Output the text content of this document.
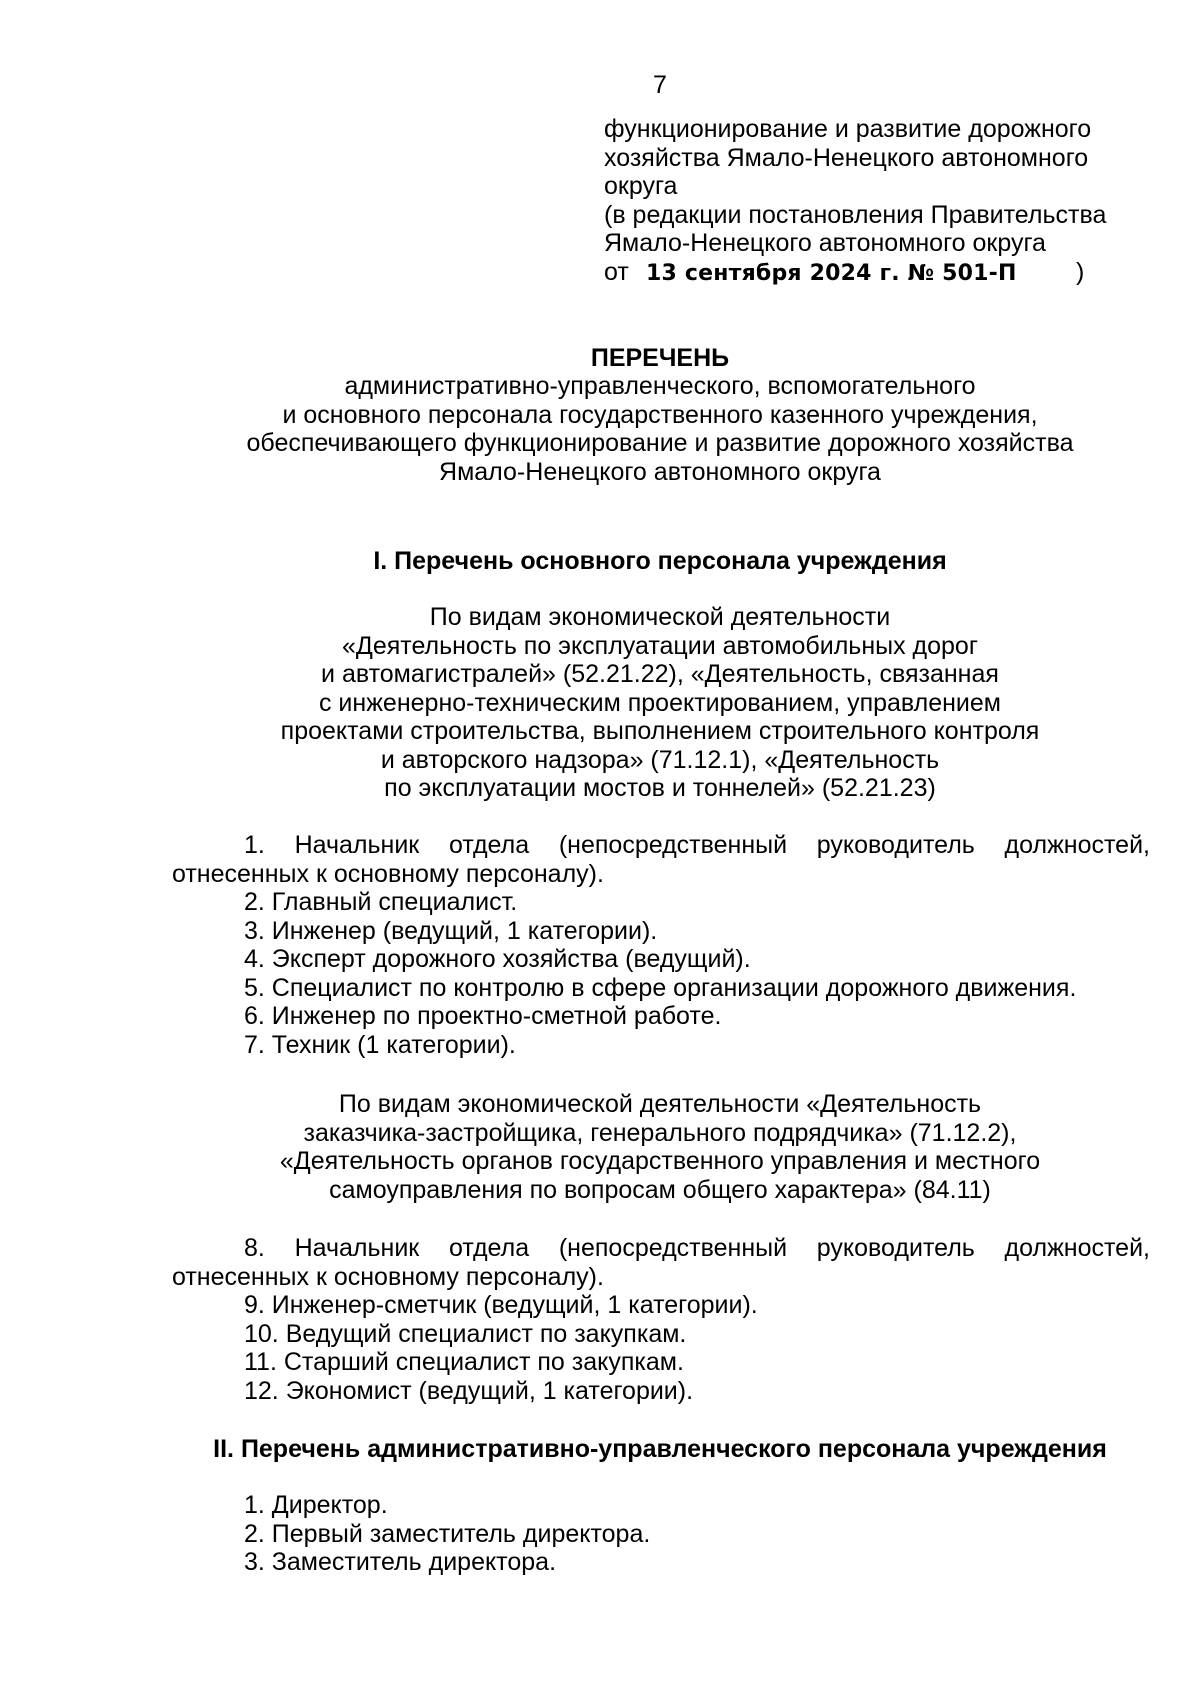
7
функционирование и развитие дорожного
хозяйства Ямало-Ненецкого автономного
округа
(в редакции постановления Правительства
Ямало-Ненецкого автономного округа
от 13 сентября 2024 г. № 501-П )
ПЕРЕЧЕНЬ
административно-управленческого, вспомогательного
и основного персонала государственного казенного учреждения,
обеспечивающего функционирование и развитие дорожного хозяйства
Ямало-Ненецкого автономного округа
I. Перечень основного персонала учреждения
По видам экономической деятельности
«Деятельность по эксплуатации автомобильных дорог
и автомагистралей» (52.21.22), «Деятельность, связанная
с инженерно-техническим проектированием, управлением
проектами строительства, выполнением строительного контроля
и авторского надзора» (71.12.1), «Деятельность
по эксплуатации мостов и тоннелей» (52.21.23)
1. Начальник отдела (непосредственный руководитель должностей, отнесенных к основному персоналу).
2. Главный специалист.
3. Инженер (ведущий, 1 категории).
4. Эксперт дорожного хозяйства (ведущий).
5. Специалист по контролю в сфере организации дорожного движения.
6. Инженер по проектно-сметной работе.
7. Техник (1 категории).
По видам экономической деятельности «Деятельность
заказчика-застройщика, генерального подрядчика» (71.12.2),
«Деятельность органов государственного управления и местного
самоуправления по вопросам общего характера» (84.11)
8. Начальник отдела (непосредственный руководитель должностей, отнесенных к основному персоналу).
9. Инженер-сметчик (ведущий, 1 категории).
10. Ведущий специалист по закупкам.
11. Старший специалист по закупкам.
12. Экономист (ведущий, 1 категории).
II. Перечень административно-управленческого персонала учреждения
1. Директор.
2. Первый заместитель директора.
3. Заместитель директора.
